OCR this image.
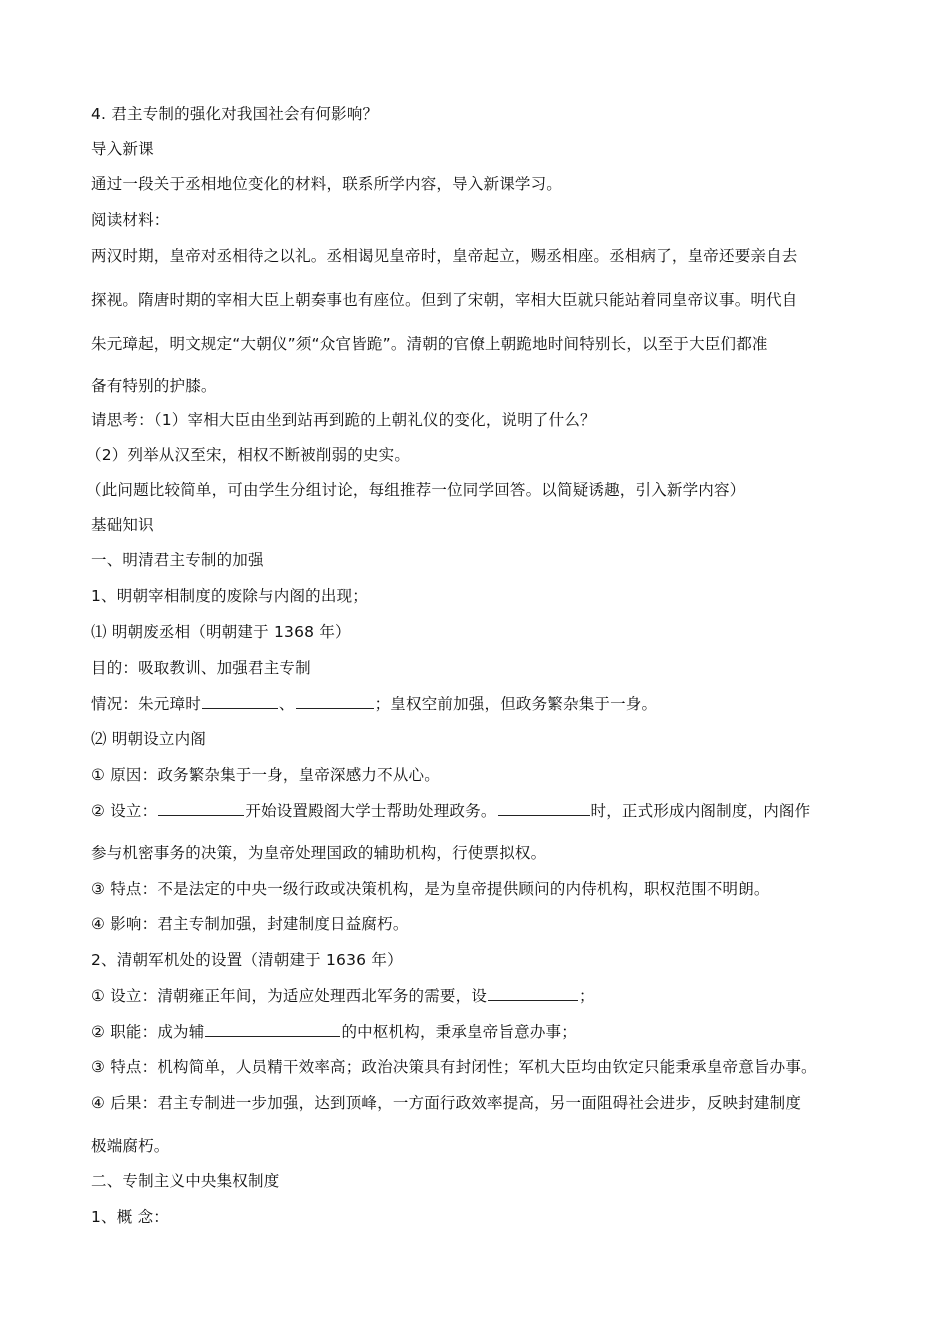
4. 君主专制的强化对我国社会有何影响？
导入新课
通过一段关于丞相地位变化的材料，联系所学内容，导入新课学习。
阅读材料：
两汉时期，皇帝对丞相待之以礼。丞相谒见皇帝时，皇帝起立，赐丞相座。丞相病了，皇帝还要亲自去
探视。隋唐时期的宰相大臣上朝奏事也有座位。但到了宋朝，宰相大臣就只能站着同皇帝议事。明代自
朱元璋起，明文规定“大朝仪”须“众官皆跪”。清朝的官僚上朝跪地时间特别长，以至于大臣们都准
备有特别的护膝。
请思考：（1）宰相大臣由坐到站再到跪的上朝礼仪的变化，说明了什么？
（2）列举从汉至宋，相权不断被削弱的史实。
（此问题比较简单，可由学生分组讨论，每组推荐一位同学回答。以简疑诱趣，引入新学内容）
基础知识
一、明清君主专制的加强
1、明朝宰相制度的废除与内阁的出现；
⑴ 明朝废丞相（明朝建于 1368 年）
目的：吸取教训、加强君主专制
情况：朱元璋时	、	；皇权空前加强，但政务繁杂集于一身。
⑵ 明朝设立内阁
① 原因：政务繁杂集于一身，皇帝深感力不从心。
② 设立：	开始设置殿阁大学士帮助处理政务。	时，正式形成内阁制度，内阁作
参与机密事务的决策，为皇帝处理国政的辅助机构，行使票拟权。
③ 特点：不是法定的中央一级行政或决策机构，是为皇帝提供顾问的内侍机构，职权范围不明朗。
④ 影响：君主专制加强，封建制度日益腐朽。
2、清朝军机处的设置（清朝建于 1636 年）
① 设立：清朝雍正年间，为适应处理西北军务的需要，设	；
② 职能：成为辅	的中枢机构，秉承皇帝旨意办事；
③ 特点：机构简单，人员精干效率高；政治决策具有封闭性；军机大臣均由钦定只能秉承皇帝意旨办事。
④ 后果：君主专制进一步加强，达到顶峰，一方面行政效率提高，另一面阻碍社会进步，反映封建制度
极端腐朽。
二、专制主义中央集权制度
1、概 念：
